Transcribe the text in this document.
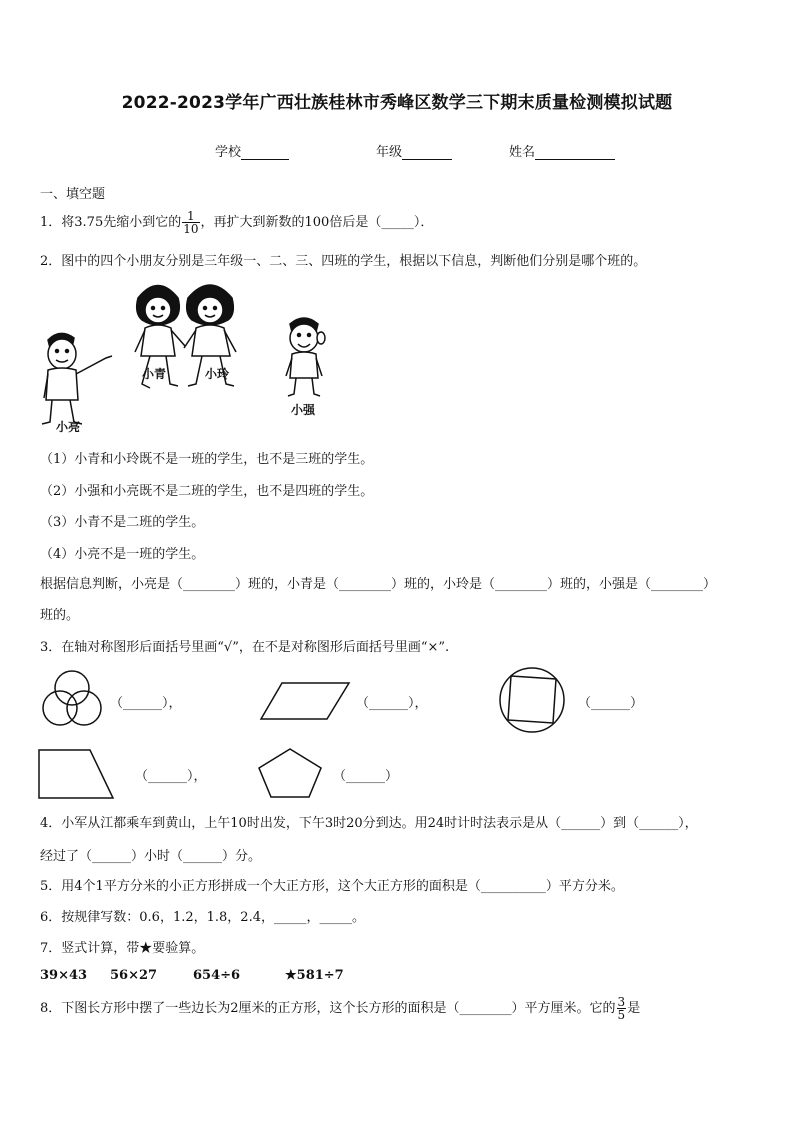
2022-2023学年广西壮族桂林市秀峰区数学三下期末质量检测模拟试题
学校	年级	姓名
一、填空题
1．将3.75先缩小到它的 $\frac{1}{10}$ ，再扩大到新数的100倍后是（_____）．
2．图中的四个小朋友分别是三年级一、二、三、四班的学生，根据以下信息，判断他们分别是哪个班的。
小青	小玲
小强
小亮
（1）小青和小玲既不是一班的学生，也不是三班的学生。
（2）小强和小亮既不是二班的学生，也不是四班的学生。
（3）小青不是二班的学生。
（4）小亮不是一班的学生。
根据信息判断，小亮是（________）班的，小青是（________）班的，小玲是（________）班的，小强是（________）
班的。
3．在轴对称图形后面括号里画“√”，在不是对称图形后面括号里画“×”.
（______），	（______），	（______）
（______），	（______）
4．小军从江都乘车到黄山，上午10时出发，下午3时20分到达。用24时计时法表示是从（______）到（______），
经过了（______）小时（______）分。
5．用4个1平方分米的小正方形拼成一个大正方形，这个大正方形的面积是（__________）平方分米。
6．按规律写数：0.6，1.2，1.8，2.4，_____，_____。
7．竖式计算，带★要验算。
39×43 56×27	654÷6	★581÷7
8．下图长方形中摆了一些边长为2厘米的正方形，这个长方形的面积是（________）平方厘米。它的 $\frac{3}{5}$ 是
